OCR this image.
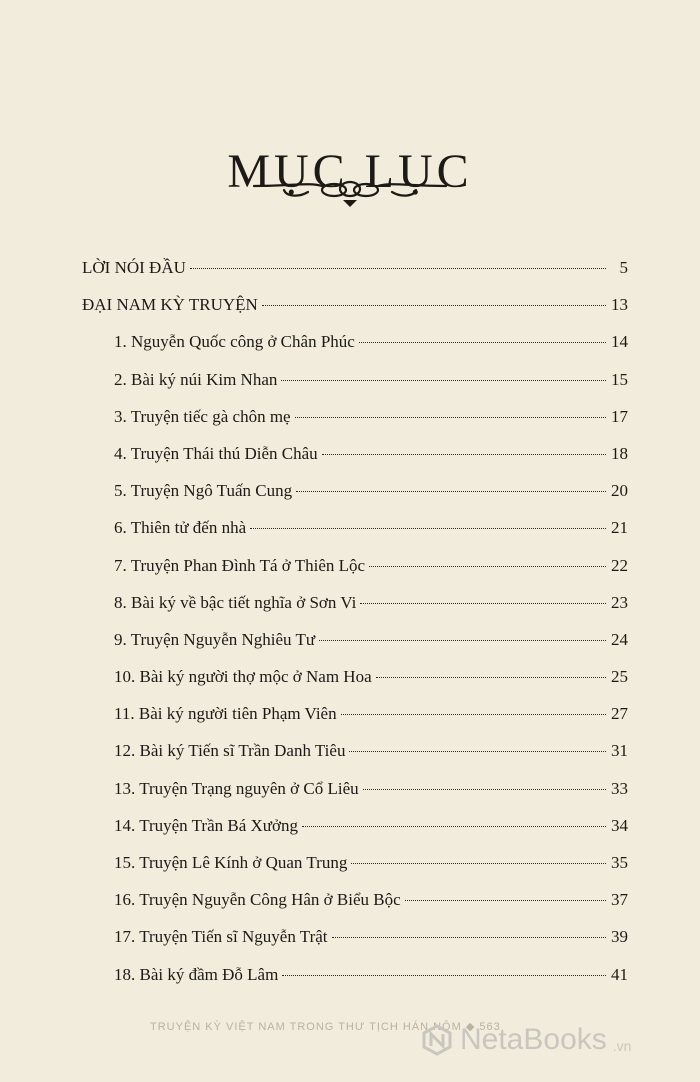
MỤC LỤC
LỜI NÓI ĐẦU	5
ĐẠI NAM KỲ TRUYỆN	13
1. Nguyễn Quốc công ở Chân Phúc	14
2. Bài ký núi Kim Nhan	15
3. Truyện tiếc gà chôn mẹ	17
4. Truyện Thái thú Diễn Châu	18
5. Truyện Ngô Tuấn Cung	20
6. Thiên tử đến nhà	21
7. Truyện Phan Đình Tá ở Thiên Lộc	22
8. Bài ký về bậc tiết nghĩa ở Sơn Vi	23
9. Truyện Nguyễn Nghiêu Tư	24
10. Bài ký người thợ mộc ở Nam Hoa	25
11. Bài ký người tiên Phạm Viên	27
12. Bài ký Tiến sĩ Trần Danh Tiêu	31
13. Truyện Trạng nguyên ở Cổ Liêu	33
14. Truyện Trần Bá Xưởng	34
15. Truyện Lê Kính ở Quan Trung	35
16. Truyện Nguyễn Công Hân ở Biểu Bộc	37
17. Truyện Tiến sĩ Nguyễn Trật	39
18. Bài ký đầm Đỗ Lâm	41
TRUYỆN KỲ VIỆT NAM TRONG THƯ TỊCH HÁN NÔM ◆ 563
NetaBooks .vn
